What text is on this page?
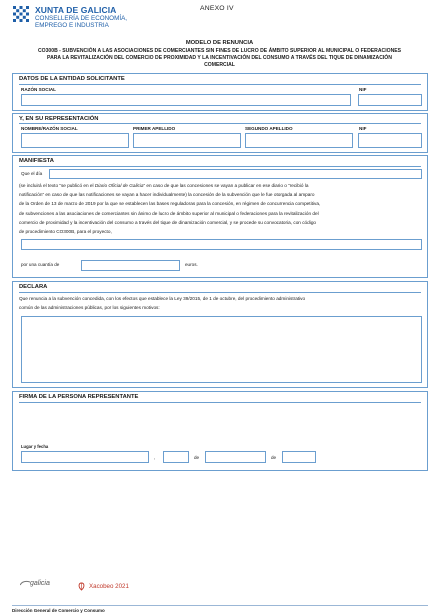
XUNTA DE GALICIA
CONSELLERÍA DE ECONOMÍA,
EMPREGO E INDUSTRIA
ANEXO IV
MODELO DE RENUNCIA
CO300B - SUBVENCIÓN A LAS ASOCIACIONES DE COMERCIANTES SIN FINES DE LUCRO DE ÁMBITO SUPERIOR AL MUNICIPAL O FEDERACIONES
PARA LA REVITALIZACIÓN DEL COMERCIO DE PROXIMIDAD Y LA INCENTIVACIÓN DEL CONSUMO A TRAVÉS DEL TIQUE DE DINAMIZACIÓN
COMERCIAL
DATOS DE LA ENTIDAD SOLICITANTE
RAZÓN SOCIAL	NIF
Y, EN SU REPRESENTACIÓN
NOMBRE/RAZÓN SOCIAL	PRIMER APELLIDO	SEGUNDO APELLIDO	NIF
MANIFIESTA
Que el día
(se incluirá el texto “se publicó en el Diario Oficial de Galicia” en caso de que las concesiones se vayan a publicar en ese diario o “recibió la
notificación” en caso de que las notificaciones se vayan a hacer individualmente) la concesión de la subvención que le fue otorgada al amparo
de la Orden de 13 de marzo de 2019 por la que se establecen las bases reguladoras para la concesión, en régimen de concurrencia competitiva,
de subvenciones a las asociaciones de comerciantes sin ánimo de lucro de ámbito superior al municipal o federaciones para la revitalización del
comercio de proximidad y la incentivación del consumo a través del tique de dinamización comercial, y se procede su convocatoria, con código
de procedimiento CO300B, para el proyecto,
por una cuantía de	euros.
DECLARA
Que renuncia a la subvención concedida, con los efectos que establece la Ley 39/2015, de 1 de octubre, del procedimiento administrativo
común de las administraciones públicas, por los siguientes motivos:
FIRMA DE LA PERSONA REPRESENTANTE
Lugar y fecha
,	de	de
galicia	Xacobeo 2021
Dirección General de Comercio y Consumo
